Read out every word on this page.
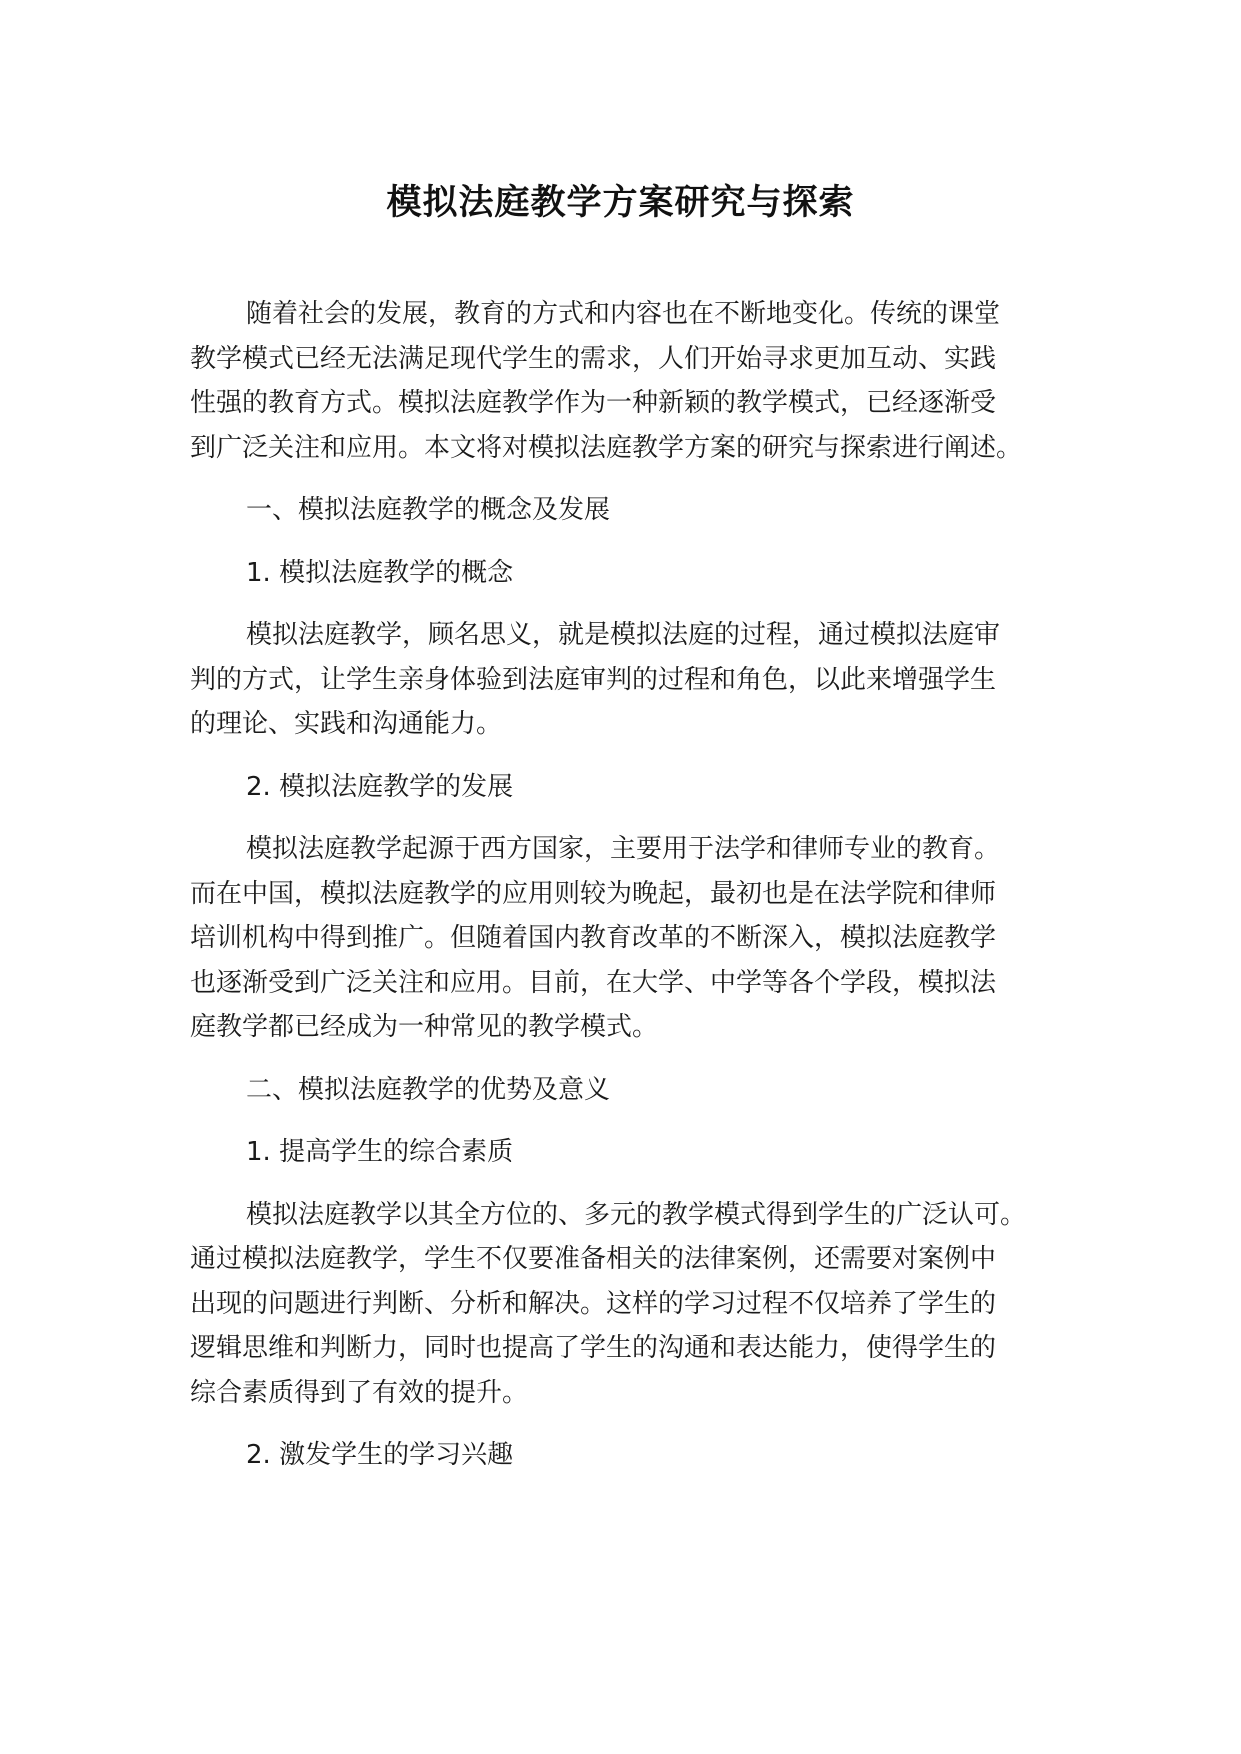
模拟法庭教学方案研究与探索

随着社会的发展，教育的方式和内容也在不断地变化。传统的课堂
教学模式已经无法满足现代学生的需求，人们开始寻求更加互动、实践
性强的教育方式。模拟法庭教学作为一种新颖的教学模式，已经逐渐受
到广泛关注和应用。本文将对模拟法庭教学方案的研究与探索进行阐述。

一、模拟法庭教学的概念及发展

1. 模拟法庭教学的概念

模拟法庭教学，顾名思义，就是模拟法庭的过程，通过模拟法庭审
判的方式，让学生亲身体验到法庭审判的过程和角色，以此来增强学生
的理论、实践和沟通能力。

2. 模拟法庭教学的发展

模拟法庭教学起源于西方国家，主要用于法学和律师专业的教育。
而在中国，模拟法庭教学的应用则较为晚起，最初也是在法学院和律师
培训机构中得到推广。但随着国内教育改革的不断深入，模拟法庭教学
也逐渐受到广泛关注和应用。目前，在大学、中学等各个学段，模拟法
庭教学都已经成为一种常见的教学模式。

二、模拟法庭教学的优势及意义

1. 提高学生的综合素质

模拟法庭教学以其全方位的、多元的教学模式得到学生的广泛认可。
通过模拟法庭教学，学生不仅要准备相关的法律案例，还需要对案例中
出现的问题进行判断、分析和解决。这样的学习过程不仅培养了学生的
逻辑思维和判断力，同时也提高了学生的沟通和表达能力，使得学生的
综合素质得到了有效的提升。

2. 激发学生的学习兴趣
